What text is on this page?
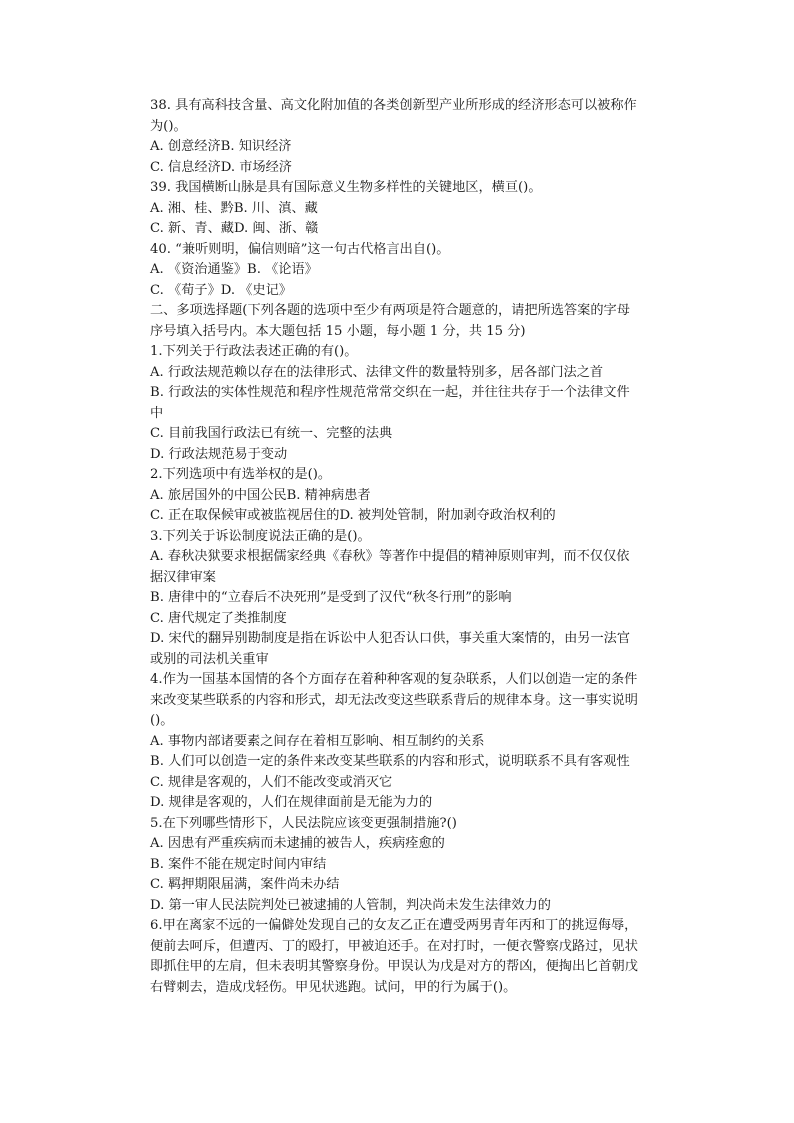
38. 具有高科技含量、高文化附加值的各类创新型产业所形成的经济形态可以被称作

为()。

A. 创意经济B. 知识经济

C. 信息经济D. 市场经济

39. 我国横断山脉是具有国际意义生物多样性的关键地区，横亘()。

A. 湘、桂、黔B. 川、滇、藏

C. 新、青、藏D. 闽、浙、赣

40. “兼听则明，偏信则暗”这一句古代格言出自()。

A. 《资治通鉴》B. 《论语》

C. 《荀子》D. 《史记》

二、多项选择题(下列各题的选项中至少有两项是符合题意的，请把所选答案的字母

序号填入括号内。本大题包括 15 小题，每小题 1 分，共 15 分)

1.下列关于行政法表述正确的有()。

A. 行政法规范赖以存在的法律形式、法律文件的数量特别多，居各部门法之首

B. 行政法的实体性规范和程序性规范常常交织在一起，并往往共存于一个法律文件

中

C. 目前我国行政法已有统一、完整的法典

D. 行政法规范易于变动

2.下列选项中有选举权的是()。

A. 旅居国外的中国公民B. 精神病患者

C. 正在取保候审或被监视居住的D. 被判处管制，附加剥夺政治权利的

3.下列关于诉讼制度说法正确的是()。

A. 春秋决狱要求根据儒家经典《春秋》等著作中提倡的精神原则审判，而不仅仅依

据汉律审案

B. 唐律中的“立春后不决死刑”是受到了汉代“秋冬行刑”的影响

C. 唐代规定了类推制度

D. 宋代的翻异别勘制度是指在诉讼中人犯否认口供，事关重大案情的，由另一法官

或别的司法机关重审

4.作为一国基本国情的各个方面存在着种种客观的复杂联系，人们以创造一定的条件

来改变某些联系的内容和形式，却无法改变这些联系背后的规律本身。这一事实说明

()。

A. 事物内部诸要素之间存在着相互影响、相互制约的关系

B. 人们可以创造一定的条件来改变某些联系的内容和形式，说明联系不具有客观性

C. 规律是客观的，人们不能改变或消灭它

D. 规律是客观的，人们在规律面前是无能为力的

5.在下列哪些情形下，人民法院应该变更强制措施?()

A. 因患有严重疾病而未逮捕的被告人，疾病痊愈的

B. 案件不能在规定时间内审结

C. 羁押期限届满，案件尚未办结

D. 第一审人民法院判处已被逮捕的人管制，判决尚未发生法律效力的

6.甲在离家不远的一偏僻处发现自己的女友乙正在遭受两男青年丙和丁的挑逗侮辱，

便前去呵斥，但遭丙、丁的殴打，甲被迫还手。在对打时，一便衣警察戊路过，见状

即抓住甲的左肩，但未表明其警察身份。甲误认为戊是对方的帮凶，便掏出匕首朝戊

右臂刺去，造成戊轻伤。甲见状逃跑。试问，甲的行为属于()。
